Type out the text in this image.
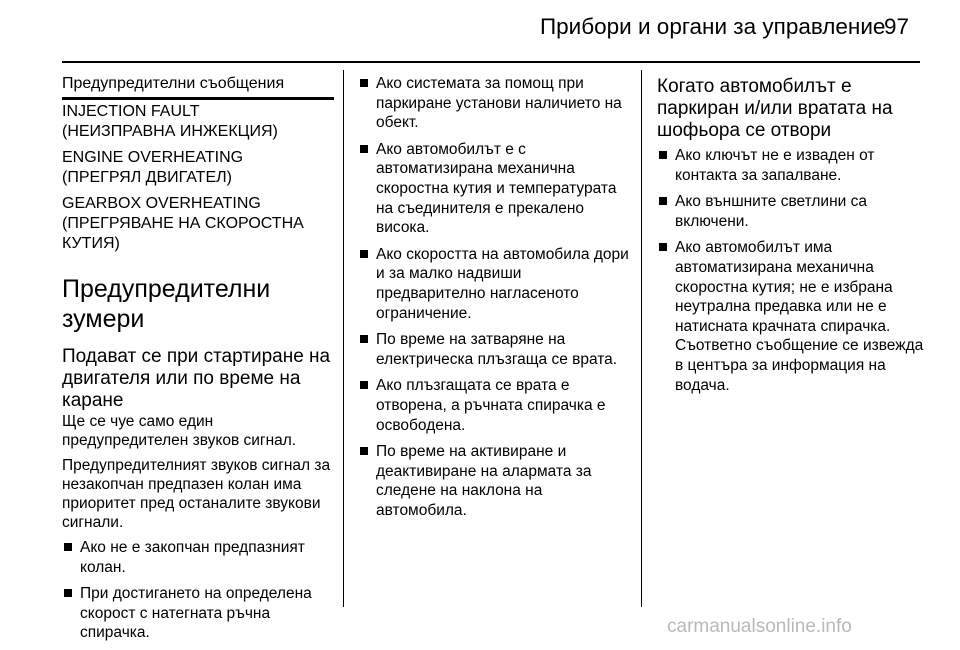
Прибори и органи за управление
97
Предупредителни съобщения
INJECTION FAULT
(НЕИЗПРАВНА ИНЖЕКЦИЯ)
ENGINE OVERHEATING
(ПРЕГРЯЛ ДВИГАТЕЛ)
GEARBOX OVERHEATING
(ПРЕГРЯВАНЕ НА СКОРОСТНА КУТИЯ)
Предупредителни зумери
Подават се при стартиране на двигателя или по време на каране
Ще се чуе само един предупредителен звуков сигнал.
Предупредителният звуков сигнал за незакопчан предпазен колан има приоритет пред останалите звукови сигнали.
Ако не е закопчан предпазният колан.
При достигането на определена скорост с натегната ръчна спирачка.
Ако системата за помощ при паркиране установи наличието на обект.
Ако автомобилът е с автоматизирана механична скоростна кутия и температурата на съединителя е прекалено висока.
Ако скоростта на автомобила дори и за малко надвиши предварително нагласеното ограничение.
По време на затваряне на електрическа плъзгаща се врата.
Ако плъзгащата се врата е отворена, а ръчната спирачка е освободена.
По време на активиране и деактивиране на алармата за следене на наклона на автомобила.
Когато автомобилът е паркиран и/или вратата на шофьора се отвори
Ако ключът не е изваден от контакта за запалване.
Ако външните светлини са включени.
Ако автомобилът има автоматизирана механична скоростна кутия; не е избрана неутрална предавка или не е натисната крачната спирачка. Съответно съобщение се извежда в центъра за информация на водача.
carmanualsonline.info
